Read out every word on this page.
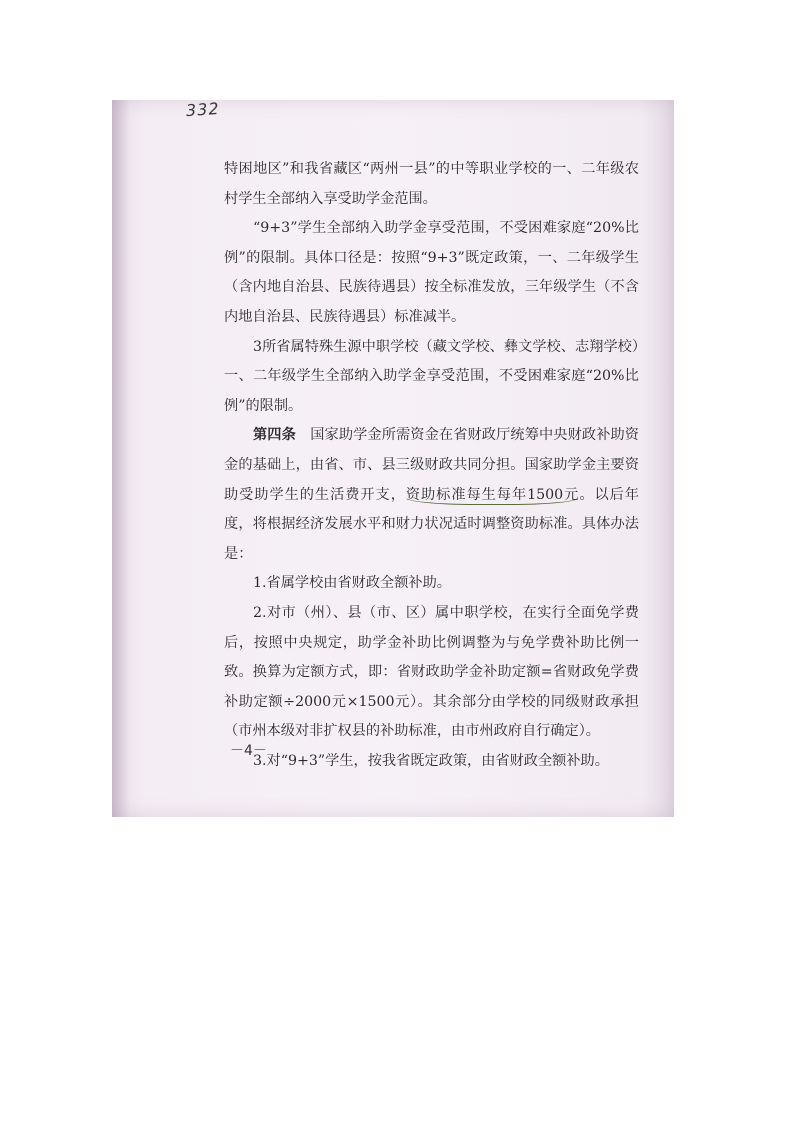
332

特困地区”和我省藏区“两州一县”的中等职业学校的一、二年级农村学生全部纳入享受助学金范围。

“9+3”学生全部纳入助学金享受范围，不受困难家庭“20%比例”的限制。具体口径是：按照“9+3”既定政策，一、二年级学生（含内地自治县、民族待遇县）按全标准发放，三年级学生（不含内地自治县、民族待遇县）标准减半。

3所省属特殊生源中职学校（藏文学校、彝文学校、志翔学校）一、二年级学生全部纳入助学金享受范围，不受困难家庭“20%比例”的限制。

第四条　 国家助学金所需资金在省财政厅统筹中央财政补助资金的基础上，由省、市、县三级财政共同分担。国家助学金主要资助受助学生的生活费开支，资助标准每生每年1500元。以后年度，将根据经济发展水平和财力状况适时调整资助标准。具体办法是：

1.省属学校由省财政全额补助。

2.对市（州）、县（市、区）属中职学校，在实行全面免学费后，按照中央规定，助学金补助比例调整为与免学费补助比例一致。换算为定额方式，即：省财政助学金补助定额=省财政免学费补助定额÷2000元×1500元）。其余部分由学校的同级财政承担（市州本级对非扩权县的补助标准，由市州政府自行确定）。

3.对“9+3”学生，按我省既定政策，由省财政全额补助。

－4－
